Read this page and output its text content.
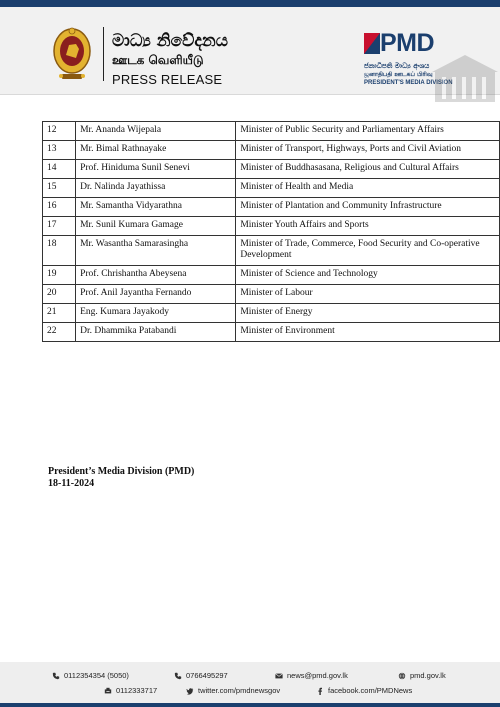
මාධ්‍ය නිවේදනය
ஊடக வெளியீடு
PRESS RELEASE
PMD
ජනාධිපති මාධ්‍ය අංශය
ஜனாதிபதி ஊடகப் பிரிவு
PRESIDENT'S MEDIA DIVISION
12	Mr. Ananda Wijepala	Minister of Public Security and Parliamentary Affairs
13	Mr. Bimal Rathnayake	Minister of Transport, Highways, Ports and Civil Aviation
14	Prof. Hiniduma Sunil Senevi	Minister of Buddhasasana, Religious and Cultural Affairs
15	Dr. Nalinda Jayathissa	Minister of Health and Media
16	Mr. Samantha Vidyarathna	Minister of Plantation and Community Infrastructure
17	Mr. Sunil Kumara Gamage	Minister Youth Affairs and Sports
18	Mr. Wasantha Samarasingha	Minister of Trade, Commerce, Food Security and Co-operative Development
19	Prof. Chrishantha Abeysena	Minister of Science and Technology
20	Prof. Anil Jayantha Fernando	Minister of Labour
21	Eng. Kumara Jayakody	Minister of Energy
22	Dr. Dhammika Patabandi	Minister of Environment
President’s Media Division (PMD)
18-11-2024
0112354354 (5050)	0766495297	news@pmd.gov.lk	pmd.gov.lk
0112333717	twitter.com/pmdnewsgov	facebook.com/PMDNews
